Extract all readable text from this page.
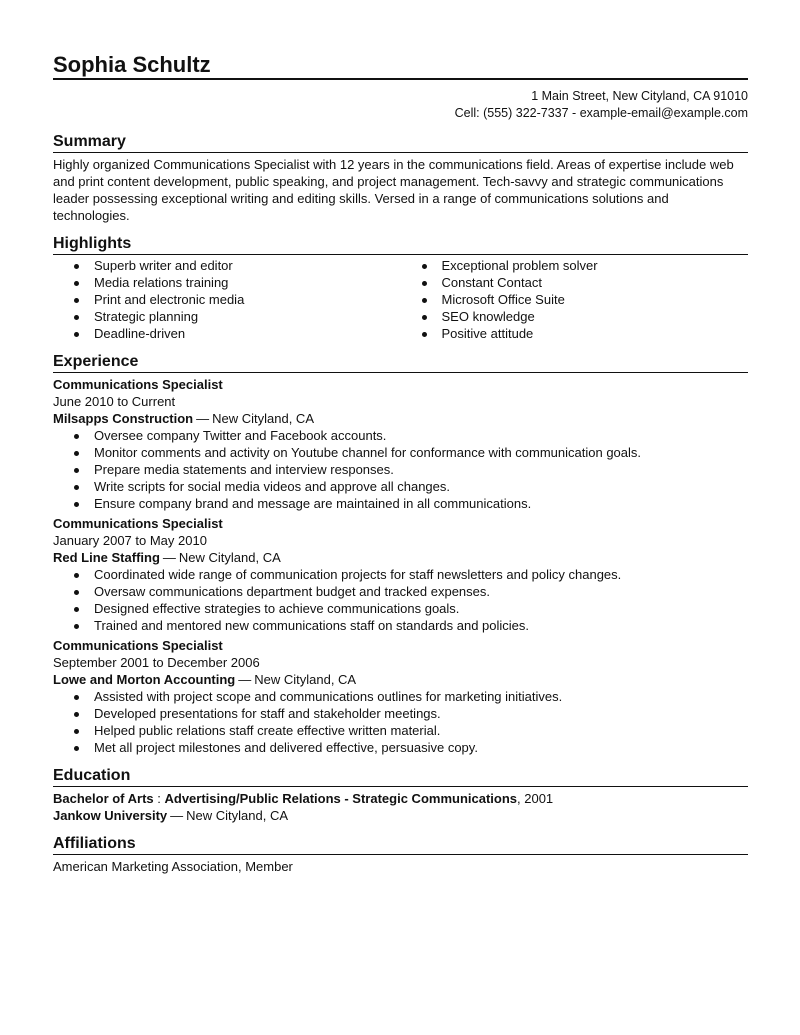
Sophia Schultz
1 Main Street, New Cityland, CA 91010
Cell: (555) 322-7337 - example-email@example.com
Summary
Highly organized Communications Specialist with 12 years in the communications field. Areas of expertise include web and print content development, public speaking, and project management. Tech-savvy and strategic communications leader possessing exceptional writing and editing skills. Versed in a range of communications solutions and technologies.
Highlights
Superb writer and editor
Media relations training
Print and electronic media
Strategic planning
Deadline-driven
Exceptional problem solver
Constant Contact
Microsoft Office Suite
SEO knowledge
Positive attitude
Experience
Communications Specialist
June 2010 to Current
Milsapps Construction — New Cityland, CA
Oversee company Twitter and Facebook accounts.
Monitor comments and activity on Youtube channel for conformance with communication goals.
Prepare media statements and interview responses.
Write scripts for social media videos and approve all changes.
Ensure company brand and message are maintained in all communications.
Communications Specialist
January 2007 to May 2010
Red Line Staffing — New Cityland, CA
Coordinated wide range of communication projects for staff newsletters and policy changes.
Oversaw communications department budget and tracked expenses.
Designed effective strategies to achieve communications goals.
Trained and mentored new communications staff on standards and policies.
Communications Specialist
September 2001 to December 2006
Lowe and Morton Accounting — New Cityland, CA
Assisted with project scope and communications outlines for marketing initiatives.
Developed presentations for staff and stakeholder meetings.
Helped public relations staff create effective written material.
Met all project milestones and delivered effective, persuasive copy.
Education
Bachelor of Arts : Advertising/Public Relations - Strategic Communications, 2001
Jankow University — New Cityland, CA
Affiliations
American Marketing Association, Member
